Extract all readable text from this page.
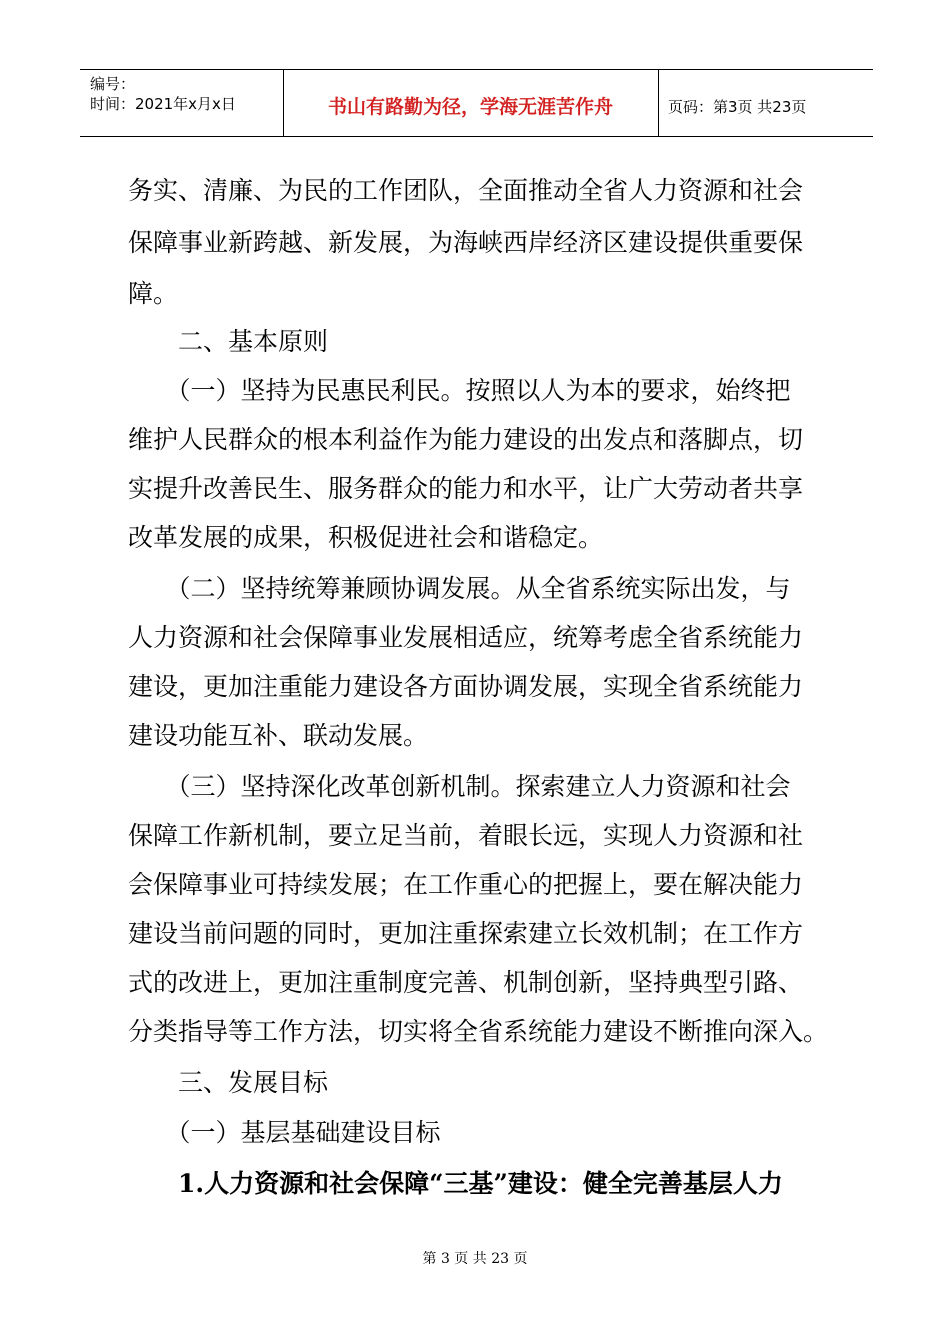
编号：
时间：2021年x月x日	书山有路勤为径，学海无涯苦作舟	页码：第3页 共23页
务实、清廉、为民的工作团队，全面推动全省人力资源和社会
保障事业新跨越、新发展，为海峡西岸经济区建设提供重要保
障。
　　二、基本原则
　　（一）坚持为民惠民利民。按照以人为本的要求，始终把
维护人民群众的根本利益作为能力建设的出发点和落脚点，切
实提升改善民生、服务群众的能力和水平，让广大劳动者共享
改革发展的成果，积极促进社会和谐稳定。
　　（二）坚持统筹兼顾协调发展。从全省系统实际出发，与
人力资源和社会保障事业发展相适应，统筹考虑全省系统能力
建设，更加注重能力建设各方面协调发展，实现全省系统能力
建设功能互补、联动发展。
　　（三）坚持深化改革创新机制。探索建立人力资源和社会
保障工作新机制，要立足当前，着眼长远，实现人力资源和社
会保障事业可持续发展；在工作重心的把握上，要在解决能力
建设当前问题的同时，更加注重探索建立长效机制；在工作方
式的改进上，更加注重制度完善、机制创新，坚持典型引路、
分类指导等工作方法，切实将全省系统能力建设不断推向深入。
　　三、发展目标
　　（一）基层基础建设目标
　　1.人力资源和社会保障“三基”建设：健全完善基层人力
第 3 页 共 23 页
